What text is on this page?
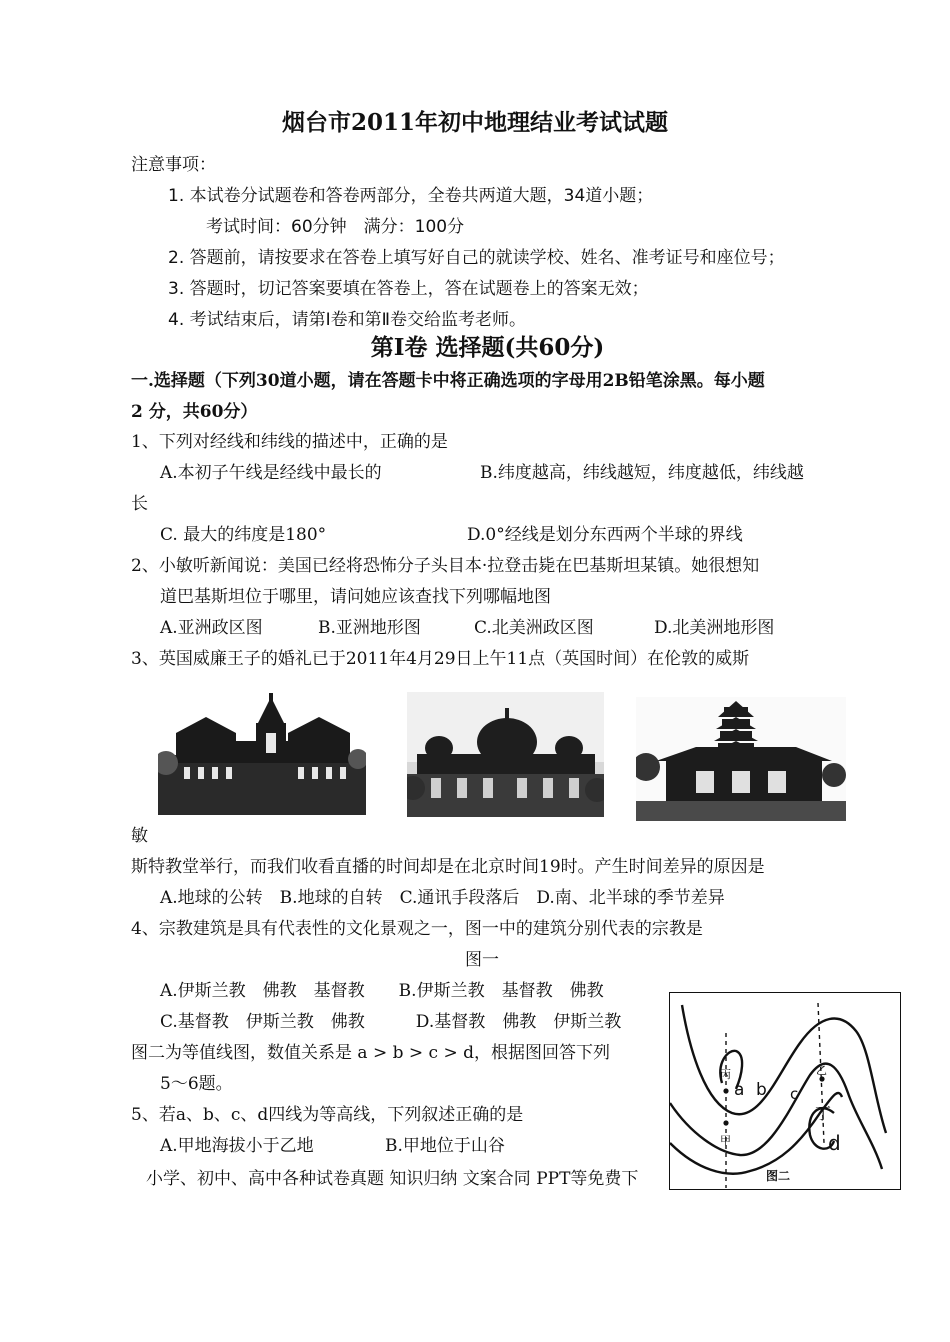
烟台市2011年初中地理结业考试试题
注意事项：
1. 本试卷分试题卷和答卷两部分，全卷共两道大题，34道小题；
考试时间：60分钟　满分：100分
2. 答题前，请按要求在答卷上填写好自己的就读学校、姓名、准考证号和座位号；
3. 答题时，切记答案要填在答卷上，答在试题卷上的答案无效；
4. 考试结束后，请第Ⅰ卷和第Ⅱ卷交给监考老师。
第Ⅰ卷 选择题(共60分)
一.选择题（下列30道小题，请在答题卡中将正确选项的字母用2B铅笔涂黑。每小题
2 分，共60分）
1、下列对经线和纬线的描述中，正确的是
A.本初子午线是经线中最长的	B.纬度越高，纬线越短，纬度越低，纬线越
长
C. 最大的纬度是180°	D.0°经线是划分东西两个半球的界线
2、小敏听新闻说：美国已经将恐怖分子头目本·拉登击毙在巴基斯坦某镇。她很想知
道巴基斯坦位于哪里，请问她应该查找下列哪幅地图
A.亚洲政区图	B.亚洲地形图	C.北美洲政区图	D.北美洲地形图
3、英国威廉王子的婚礼已于2011年4月29日上午11点（英国时间）在伦敦的威斯
敏
斯特教堂举行，而我们收看直播的时间却是在北京时间19时。产生时间差异的原因是
A.地球的公转　B.地球的自转　C.通讯手段落后　D.南、北半球的季节差异
4、宗教建筑是具有代表性的文化景观之一，图一中的建筑分别代表的宗教是
图一
A.伊斯兰教　佛教　基督教　　B.伊斯兰教　基督教　佛教
C.基督教　伊斯兰教　佛教　　　D.基督教　佛教　伊斯兰教
图二为等值线图，数值关系是 a > b > c > d，根据图回答下列
5～6题。
5、若a、b、c、d四线为等高线，下列叙述正确的是
A.甲地海拔小于乙地	B.甲地位于山谷
小学、初中、高中各种试卷真题 知识归纳 文案合同 PPT等免费下
丙
甲
乙
丁
a b c
d
图二
